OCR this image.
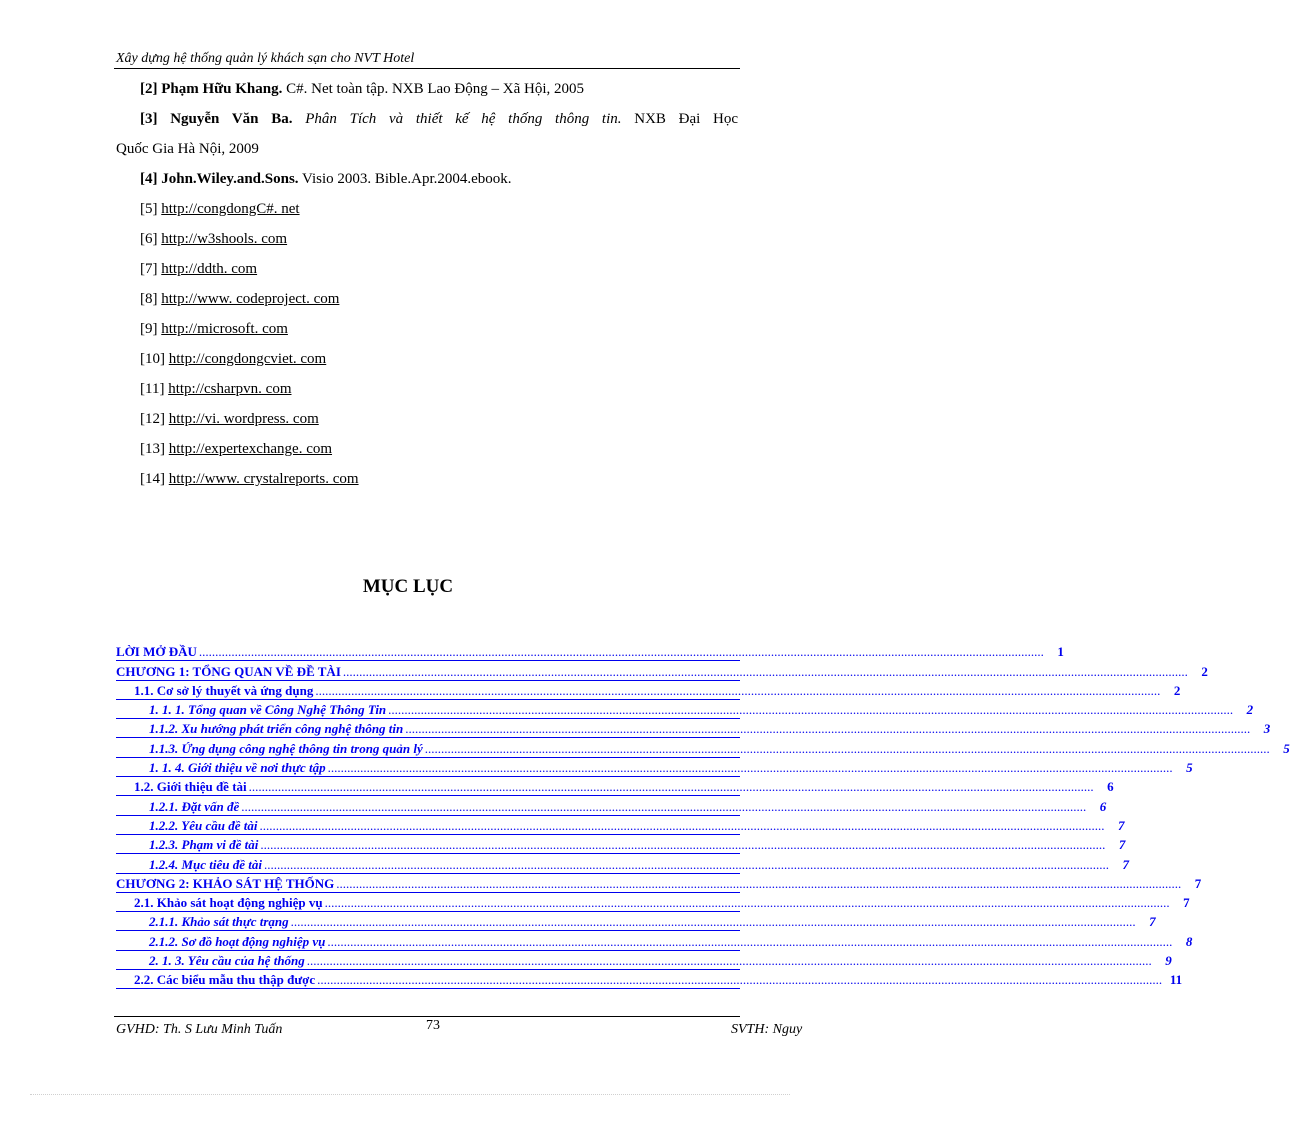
Xây dựng hệ thống quản lý khách sạn cho NVT Hotel
[2] Phạm Hữu Khang. C#. Net toàn tập. NXB Lao Động – Xã Hội, 2005
[3] Nguyễn Văn Ba. Phân Tích và thiết kế hệ thống thông tin. NXB Đại Học
Quốc Gia Hà Nội, 2009
[4] John.Wiley.and.Sons. Visio 2003. Bible.Apr.2004.ebook.
[5] http://congdongC#. net
[6] http://w3shools. com
[7] http://ddth. com
[8] http://www. codeproject. com
[9] http://microsoft. com
[10] http://congdongcviet. com
[11] http://csharpvn. com
[12] http://vi. wordpress. com
[13] http://expertexchange. com
[14] http://www. crystalreports. com
MỤC LỤC
LỜI MỞ ĐẦU ....................................................................................................................................................................................................................................................................	1
CHƯƠNG 1: TỔNG QUAN VỀ ĐỀ TÀI ....................................................................................................................................................................................................................................................................	2
1.1. Cơ sở lý thuyết và ứng dụng ....................................................................................................................................................................................................................................................................	2
1. 1. 1. Tổng quan về Công Nghệ Thông Tin ....................................................................................................................................................................................................................................................................	2
1.1.2. Xu hướng phát triển công nghệ thông tin ....................................................................................................................................................................................................................................................................	3
1.1.3. Ứng dụng công nghệ thông tin trong quản lý ....................................................................................................................................................................................................................................................................	5
1. 1. 4. Giới thiệu về nơi thực tập ....................................................................................................................................................................................................................................................................	5
1.2. Giới thiệu đề tài ....................................................................................................................................................................................................................................................................	6
1.2.1. Đặt vấn đề ....................................................................................................................................................................................................................................................................	6
1.2.2. Yêu cầu đề tài ....................................................................................................................................................................................................................................................................	7
1.2.3. Phạm vi đề tài ....................................................................................................................................................................................................................................................................	7
1.2.4. Mục tiêu đề tài ....................................................................................................................................................................................................................................................................	7
CHƯƠNG 2: KHẢO SÁT HỆ THỐNG ....................................................................................................................................................................................................................................................................	7
2.1. Khảo sát hoạt động nghiệp vụ ....................................................................................................................................................................................................................................................................	7
2.1.1. Khảo sát thực trạng ....................................................................................................................................................................................................................................................................	7
2.1.2. Sơ đồ hoạt động nghiệp vụ ....................................................................................................................................................................................................................................................................	8
2. 1. 3. Yêu cầu của hệ thống ....................................................................................................................................................................................................................................................................	9
2.2. Các biểu mẫu thu thập được .................................................................................................................................................................................................................................................................... 11
GVHD: Th. S Lưu Minh Tuấn	73	SVTH: Nguy
